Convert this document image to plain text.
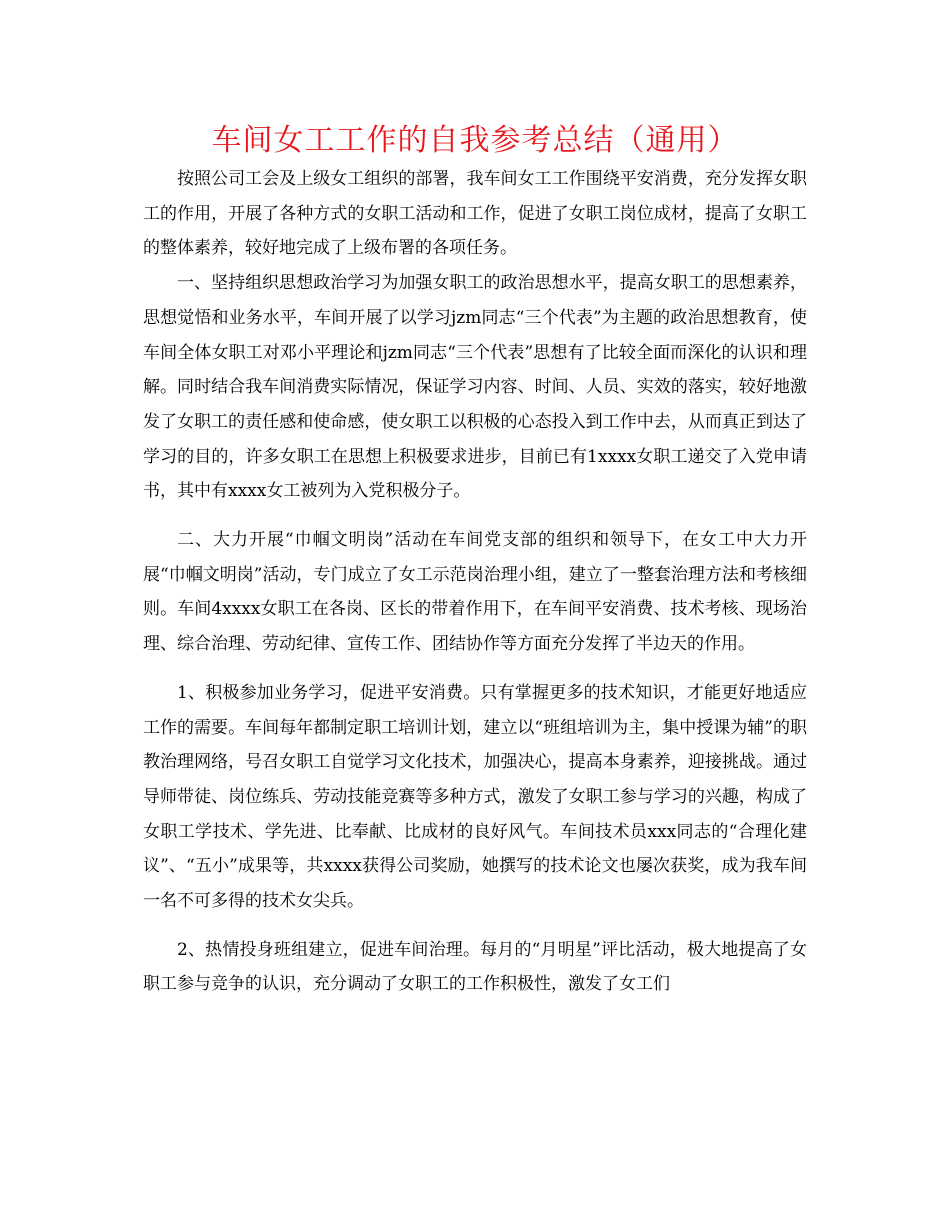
车间女工工作的自我参考总结（通用）

按照公司工会及上级女工组织的部署，我车间女工工作围绕平安消费，充分发挥女职工的作用，开展了各种方式的女职工活动和工作，促进了女职工岗位成材，提高了女职工的整体素养，较好地完成了上级布署的各项任务。

一、坚持组织思想政治学习为加强女职工的政治思想水平，提高女职工的思想素养，思想觉悟和业务水平，车间开展了以学习jzm同志“三个代表”为主题的政治思想教育，使车间全体女职工对邓小平理论和jzm同志“三个代表”思想有了比较全面而深化的认识和理解。同时结合我车间消费实际情况，保证学习内容、时间、人员、实效的落实，较好地激发了女职工的责任感和使命感，使女职工以积极的心态投入到工作中去，从而真正到达了学习的目的，许多女职工在思想上积极要求进步，目前已有1xxxx女职工递交了入党申请书，其中有xxxx女工被列为入党积极分子。

二、大力开展“巾帼文明岗”活动在车间党支部的组织和领导下，在女工中大力开展“巾帼文明岗”活动，专门成立了女工示范岗治理小组，建立了一整套治理方法和考核细则。车间4xxxx女职工在各岗、区长的带着作用下，在车间平安消费、技术考核、现场治理、综合治理、劳动纪律、宣传工作、团结协作等方面充分发挥了半边天的作用。

1、积极参加业务学习，促进平安消费。只有掌握更多的技术知识，才能更好地适应工作的需要。车间每年都制定职工培训计划，建立以“班组培训为主，集中授课为辅”的职教治理网络，号召女职工自觉学习文化技术，加强决心，提高本身素养，迎接挑战。通过导师带徒、岗位练兵、劳动技能竞赛等多种方式，激发了女职工参与学习的兴趣，构成了女职工学技术、学先进、比奉献、比成材的良好风气。车间技术员xxx同志的“合理化建议”、“五小”成果等，共xxxx获得公司奖励，她撰写的技术论文也屡次获奖，成为我车间一名不可多得的技术女尖兵。

2、热情投身班组建立，促进车间治理。每月的“月明星”评比活动，极大地提高了女职工参与竞争的认识，充分调动了女职工的工作积极性，激发了女工们
